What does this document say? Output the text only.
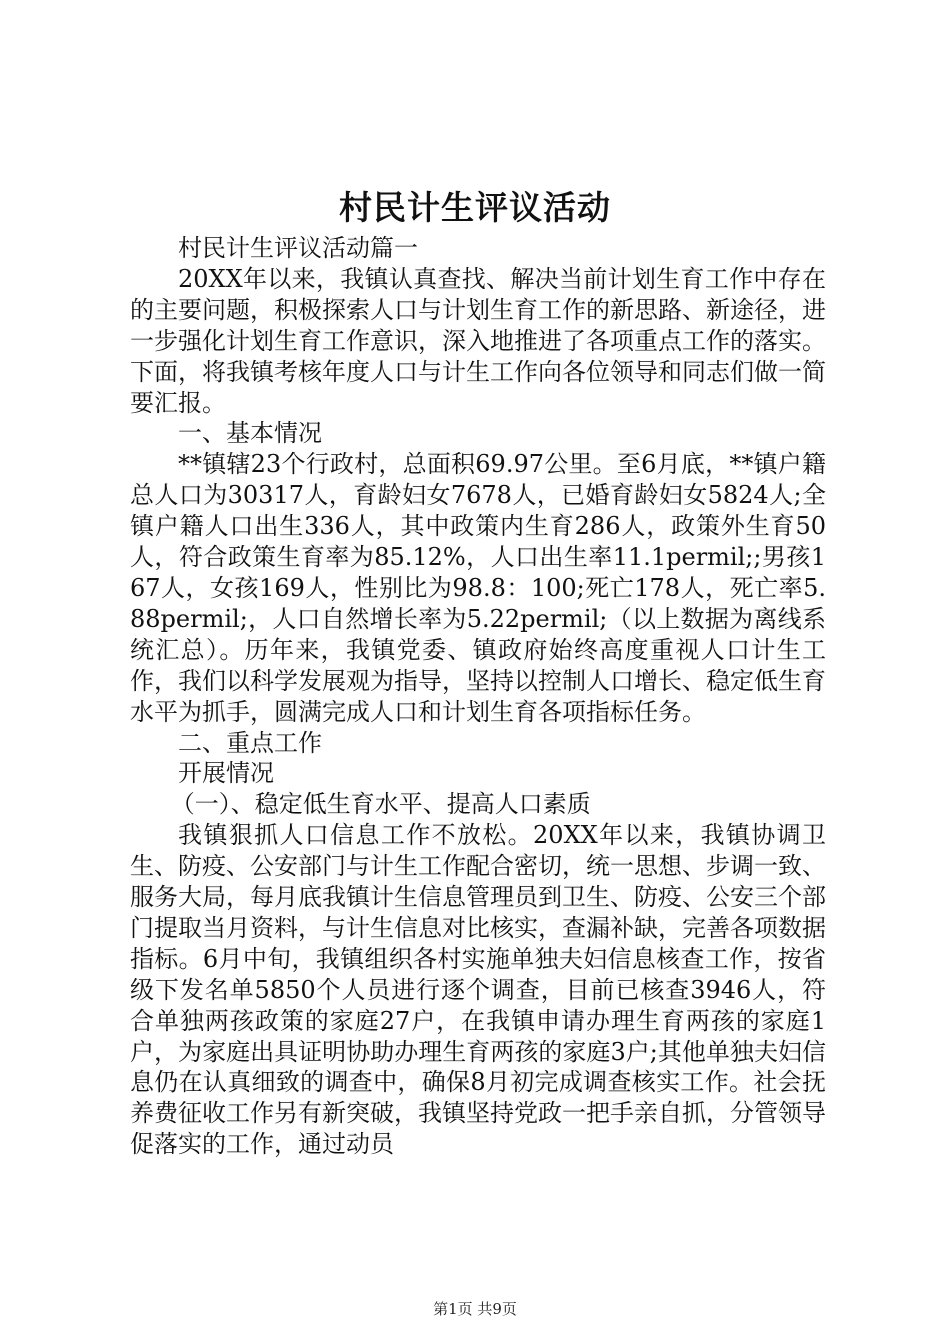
村民计生评议活动

村民计生评议活动篇一

20XX年以来，我镇认真查找、解决当前计划生育工作中存在的主要问题，积极探索人口与计划生育工作的新思路、新途径，进一步强化计划生育工作意识，深入地推进了各项重点工作的落实。下面，将我镇考核年度人口与计生工作向各位领导和同志们做一简要汇报。

一、基本情况

**镇辖23个行政村，总面积69.97公里。至6月底，**镇户籍总人口为30317人，育龄妇女7678人，已婚育龄妇女5824人;全镇户籍人口出生336人，其中政策内生育286人，政策外生育50人，符合政策生育率为85.12%，人口出生率11.1permil;;男孩167人，女孩169人，性别比为98.8：100;死亡178人，死亡率5.88permil;，人口自然增长率为5.22permil;（以上数据为离线系统汇总）。历年来，我镇党委、镇政府始终高度重视人口计生工作，我们以科学发展观为指导，坚持以控制人口增长、稳定低生育水平为抓手，圆满完成人口和计划生育各项指标任务。

二、重点工作

开展情况

（一）、稳定低生育水平、提高人口素质

我镇狠抓人口信息工作不放松。20XX年以来，我镇协调卫生、防疫、公安部门与计生工作配合密切，统一思想、步调一致、服务大局，每月底我镇计生信息管理员到卫生、防疫、公安三个部门提取当月资料，与计生信息对比核实，查漏补缺，完善各项数据指标。6月中旬，我镇组织各村实施单独夫妇信息核查工作，按省级下发名单5850个人员进行逐个调查，目前已核查3946人，符合单独两孩政策的家庭27户，在我镇申请办理生育两孩的家庭1户，为家庭出具证明协助办理生育两孩的家庭3户;其他单独夫妇信息仍在认真细致的调查中，确保8月初完成调查核实工作。社会抚养费征收工作另有新突破，我镇坚持党政一把手亲自抓，分管领导促落实的工作，通过动员

第1页 共9页
